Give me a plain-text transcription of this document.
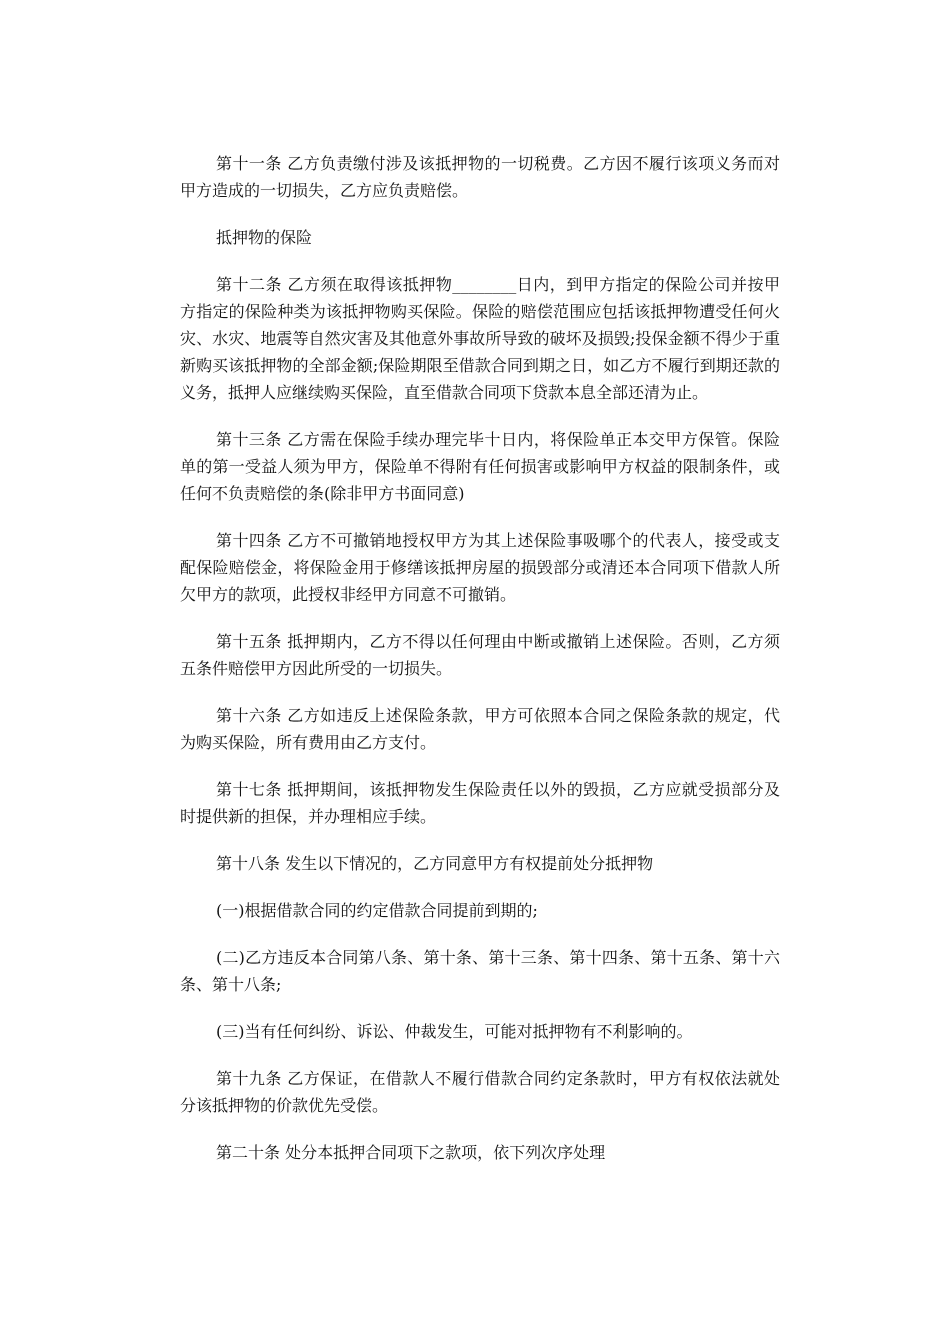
第十一条 乙方负责缴付涉及该抵押物的一切税费。乙方因不履行该项义务而对甲方造成的一切损失，乙方应负责赔偿。

抵押物的保险

第十二条 乙方须在取得该抵押物________日内，到甲方指定的保险公司并按甲方指定的保险种类为该抵押物购买保险。保险的赔偿范围应包括该抵押物遭受任何火灾、水灾、地震等自然灾害及其他意外事故所导致的破坏及损毁;投保金额不得少于重新购买该抵押物的全部金额;保险期限至借款合同到期之日，如乙方不履行到期还款的义务，抵押人应继续购买保险，直至借款合同项下贷款本息全部还清为止。

第十三条 乙方需在保险手续办理完毕十日内，将保险单正本交甲方保管。保险单的第一受益人须为甲方，保险单不得附有任何损害或影响甲方权益的限制条件，或任何不负责赔偿的条(除非甲方书面同意)

第十四条 乙方不可撤销地授权甲方为其上述保险事吸哪个的代表人，接受或支配保险赔偿金，将保险金用于修缮该抵押房屋的损毁部分或清还本合同项下借款人所欠甲方的款项，此授权非经甲方同意不可撤销。

第十五条 抵押期内，乙方不得以任何理由中断或撤销上述保险。否则，乙方须五条件赔偿甲方因此所受的一切损失。

第十六条 乙方如违反上述保险条款，甲方可依照本合同之保险条款的规定，代为购买保险，所有费用由乙方支付。

第十七条 抵押期间，该抵押物发生保险责任以外的毁损，乙方应就受损部分及时提供新的担保，并办理相应手续。

第十八条 发生以下情况的，乙方同意甲方有权提前处分抵押物

(一)根据借款合同的约定借款合同提前到期的;

(二)乙方违反本合同第八条、第十条、第十三条、第十四条、第十五条、第十六条、第十八条;

(三)当有任何纠纷、诉讼、仲裁发生，可能对抵押物有不利影响的。

第十九条 乙方保证，在借款人不履行借款合同约定条款时，甲方有权依法就处分该抵押物的价款优先受偿。

第二十条 处分本抵押合同项下之款项，依下列次序处理
